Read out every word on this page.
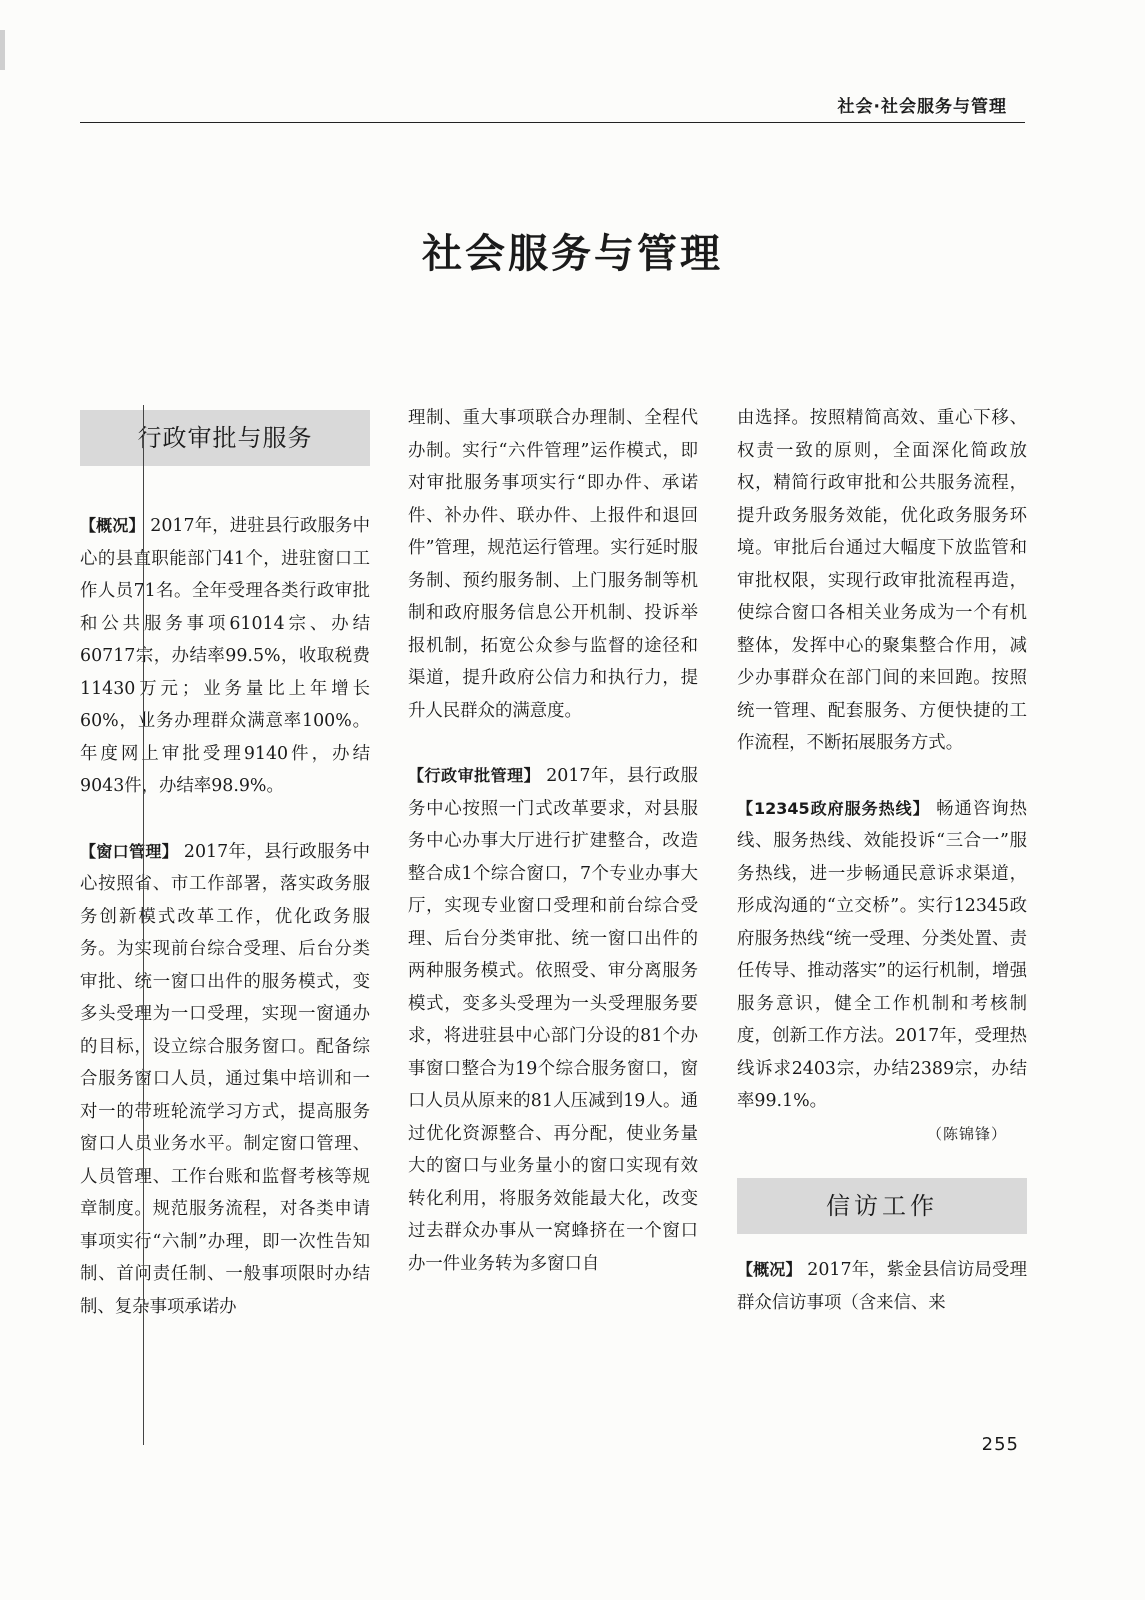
社会·社会服务与管理
社会服务与管理
行政审批与服务

【概况】 2017年，进驻县行政服务中心的县直职能部门41个，进驻窗口工作人员71名。全年受理各类行政审批和公共服务事项61014宗、办结60717宗，办结率99.5%，收取税费11430万元；业务量比上年增长60%，业务办理群众满意率100%。年度网上审批受理9140件，办结9043件，办结率98.9%。

【窗口管理】 2017年，县行政服务中心按照省、市工作部署，落实政务服务创新模式改革工作，优化政务服务。为实现前台综合受理、后台分类审批、统一窗口出件的服务模式，变多头受理为一口受理，实现一窗通办的目标，设立综合服务窗口。配备综合服务窗口人员，通过集中培训和一对一的带班轮流学习方式，提高服务窗口人员业务水平。制定窗口管理、人员管理、工作台账和监督考核等规章制度。规范服务流程，对各类申请事项实行“六制”办理，即一次性告知制、首问责任制、一般事项限时办结制、复杂事项承诺办

理制、重大事项联合办理制、全程代办制。实行“六件管理”运作模式，即对审批服务事项实行“即办件、承诺件、补办件、联办件、上报件和退回件”管理，规范运行管理。实行延时服务制、预约服务制、上门服务制等机制和政府服务信息公开机制、投诉举报机制，拓宽公众参与监督的途径和渠道，提升政府公信力和执行力，提升人民群众的满意度。

【行政审批管理】 2017年，县行政服务中心按照一门式改革要求，对县服务中心办事大厅进行扩建整合，改造整合成1个综合窗口，7个专业办事大厅，实现专业窗口受理和前台综合受理、后台分类审批、统一窗口出件的两种服务模式。依照受、审分离服务模式，变多头受理为一头受理服务要求，将进驻县中心部门分设的81个办事窗口整合为19个综合服务窗口，窗口人员从原来的81人压减到19人。通过优化资源整合、再分配，使业务量大的窗口与业务量小的窗口实现有效转化利用，将服务效能最大化，改变过去群众办事从一窝蜂挤在一个窗口办一件业务转为多窗口自

由选择。按照精简高效、重心下移、权责一致的原则，全面深化简政放权，精简行政审批和公共服务流程，提升政务服务效能，优化政务服务环境。审批后台通过大幅度下放监管和审批权限，实现行政审批流程再造，使综合窗口各相关业务成为一个有机整体，发挥中心的聚集整合作用，减少办事群众在部门间的来回跑。按照统一管理、配套服务、方便快捷的工作流程，不断拓展服务方式。

【12345政府服务热线】 畅通咨询热线、服务热线、效能投诉“三合一”服务热线，进一步畅通民意诉求渠道，形成沟通的“立交桥”。实行12345政府服务热线“统一受理、分类处置、责任传导、推动落实”的运行机制，增强服务意识，健全工作机制和考核制度，创新工作方法。2017年，受理热线诉求2403宗，办结2389宗，办结率99.1%。

（陈锦锋）
信访工作

【概况】 2017年，紫金县信访局受理群众信访事项（含来信、来

255
